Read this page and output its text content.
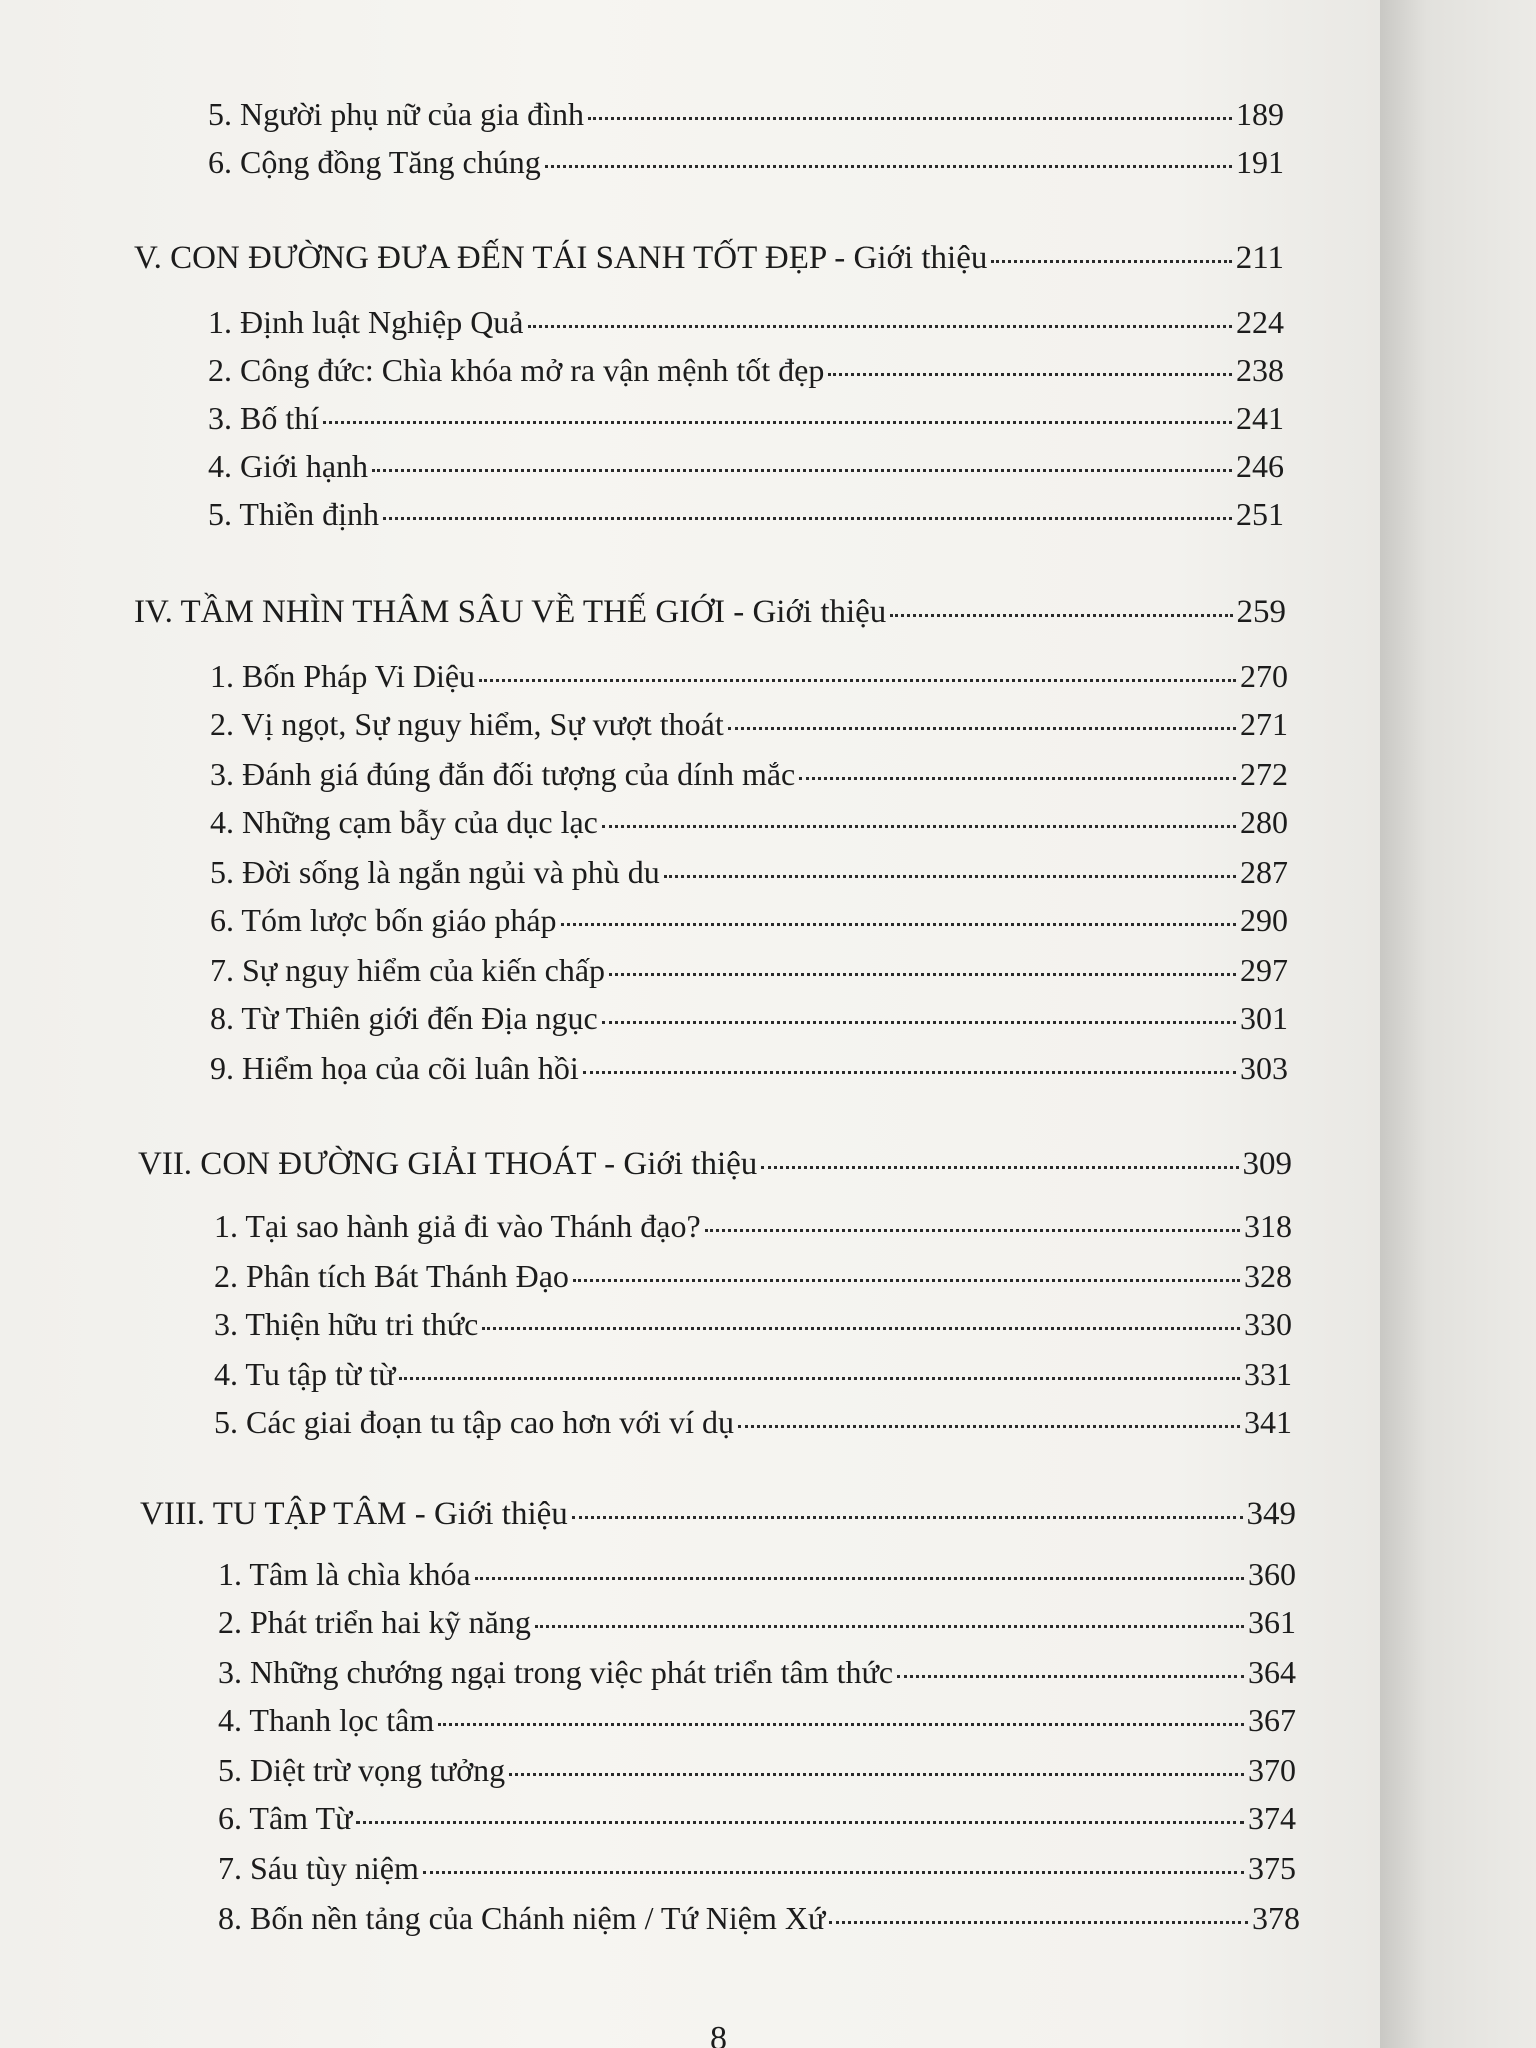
5. Người phụ nữ của gia đình	189
6. Cộng đồng Tăng chúng	191
V. CON ĐƯỜNG ĐƯA ĐẾN TÁI SANH TỐT ĐẸP - Giới thiệu	211
1. Định luật Nghiệp Quả	224
2. Công đức: Chìa khóa mở ra vận mệnh tốt đẹp	238
3. Bố thí	241
4. Giới hạnh	246
5. Thiền định	251
IV. TẦM NHÌN THÂM SÂU VỀ THẾ GIỚI - Giới thiệu	259
1. Bốn Pháp Vi Diệu	270
2. Vị ngọt, Sự nguy hiểm, Sự vượt thoát	271
3. Đánh giá đúng đắn đối tượng của dính mắc	272
4. Những cạm bẫy của dục lạc	280
5. Đời sống là ngắn ngủi và phù du	287
6. Tóm lược bốn giáo pháp	290
7. Sự nguy hiểm của kiến chấp	297
8. Từ Thiên giới đến Địa ngục	301
9. Hiểm họa của cõi luân hồi	303
VII. CON ĐƯỜNG GIẢI THOÁT - Giới thiệu	309
1. Tại sao hành giả đi vào Thánh đạo?	318
2. Phân tích Bát Thánh Đạo	328
3. Thiện hữu tri thức	330
4. Tu tập từ từ	331
5. Các giai đoạn tu tập cao hơn với ví dụ	341
VIII. TU TẬP TÂM - Giới thiệu	349
1. Tâm là chìa khóa	360
2. Phát triển hai kỹ năng	361
3. Những chướng ngại trong việc phát triển tâm thức	364
4. Thanh lọc tâm	367
5. Diệt trừ vọng tưởng	370
6. Tâm Từ	374
7. Sáu tùy niệm	375
8. Bốn nền tảng của Chánh niệm / Tứ Niệm Xứ	378
8
